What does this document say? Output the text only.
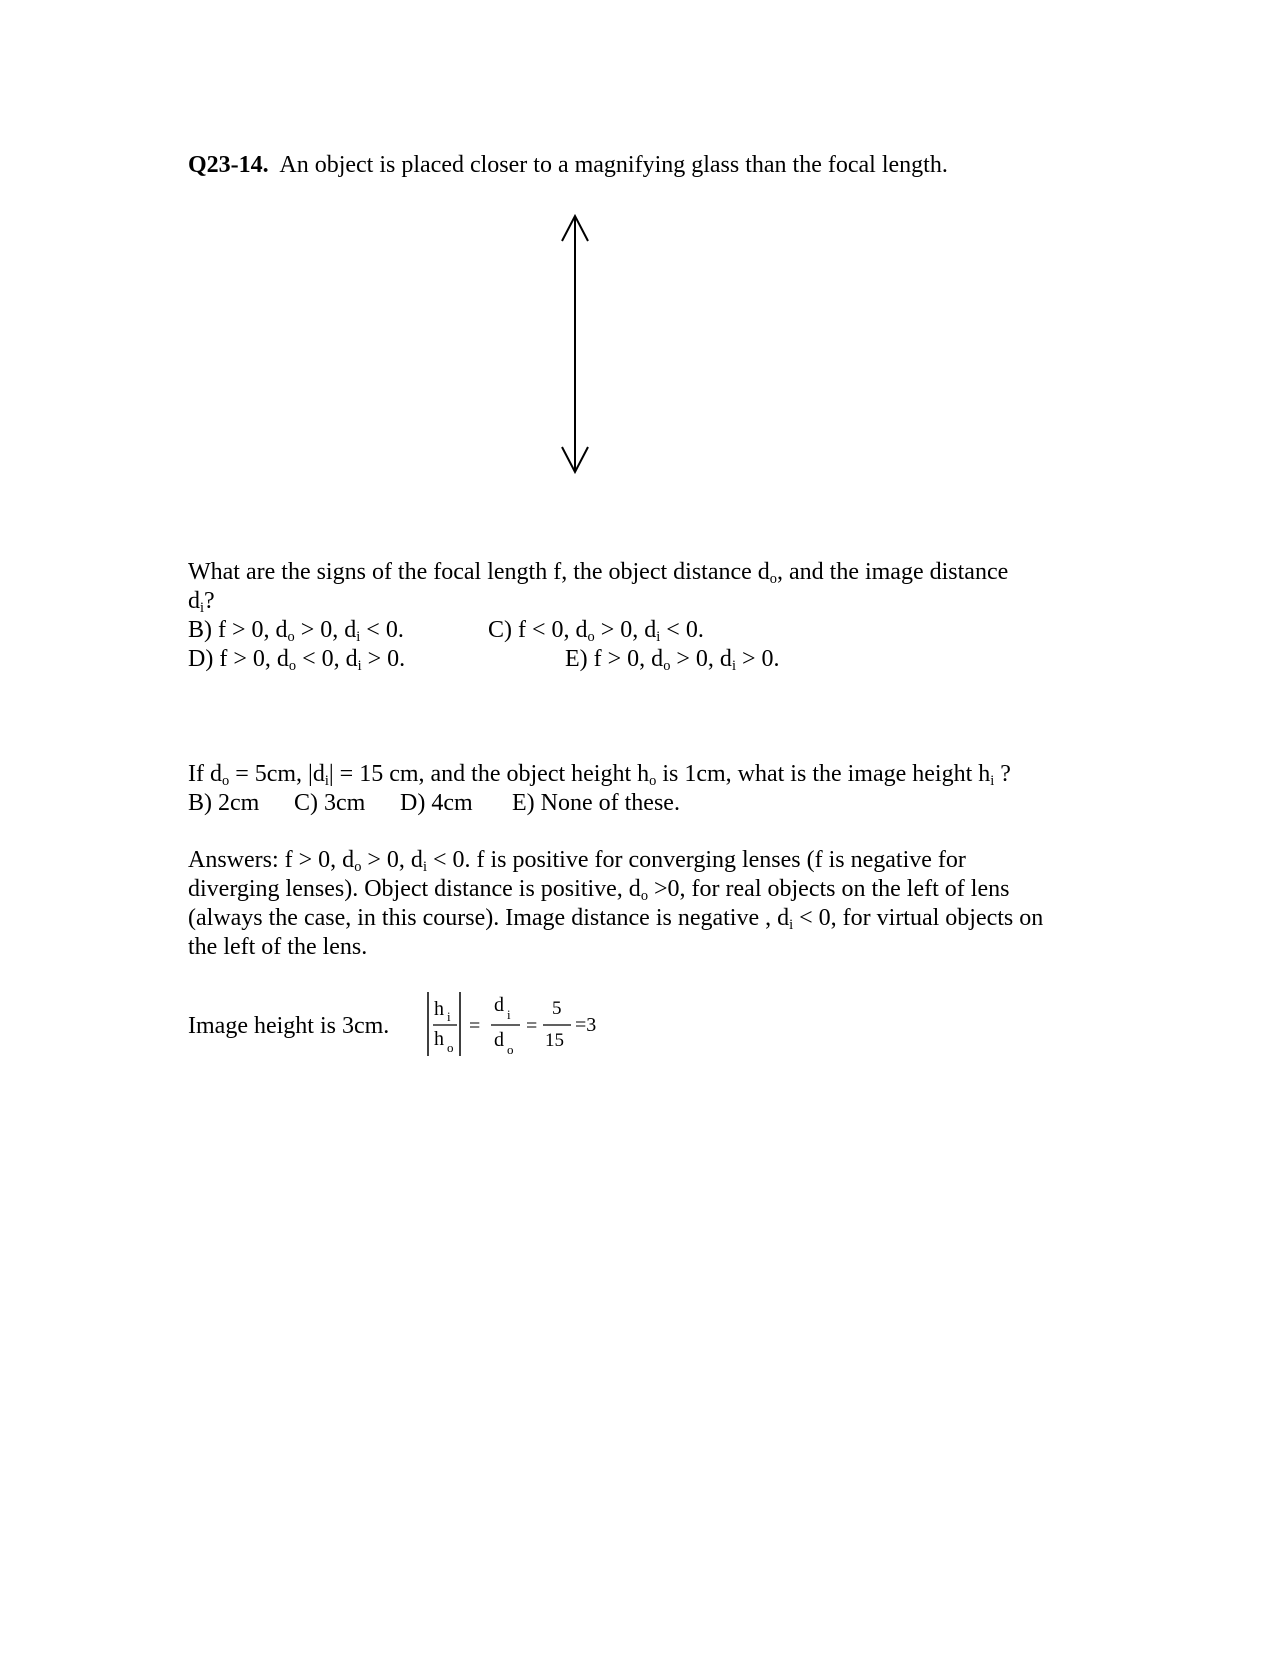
Q23-14. An object is placed closer to a magnifying glass than the focal length.
What are the signs of the focal length f, the object distance $d_o$, and the image distance
$d_i$?
B) f > 0, $d_o > 0$, $d_i < 0$.	C) f < 0, $d_o > 0$, $d_i < 0$.
D) f > 0, $d_o < 0$, $d_i > 0$.	E) f > 0, $d_o > 0$, $d_i > 0$.
If $d_o = 5cm$, $|d_i| = 15$ cm, and the object height $h_o$ is 1cm, what is the image height $h_i$ ?
B) 2cm C) 3cm D) 4cm E) None of these.
Answers: f > 0, $d_o > 0$, $d_i < 0$. f is positive for converging lenses (f is negative for
diverging lenses). Object distance is positive, $d_o >0$, for real objects on the left of lens
(always the case, in this course). Image distance is negative , $d_i < 0$, for virtual objects on
the left of the lens.
Image height is 3cm.
h i
h o
=
d i
d o
=
5
15
=3
